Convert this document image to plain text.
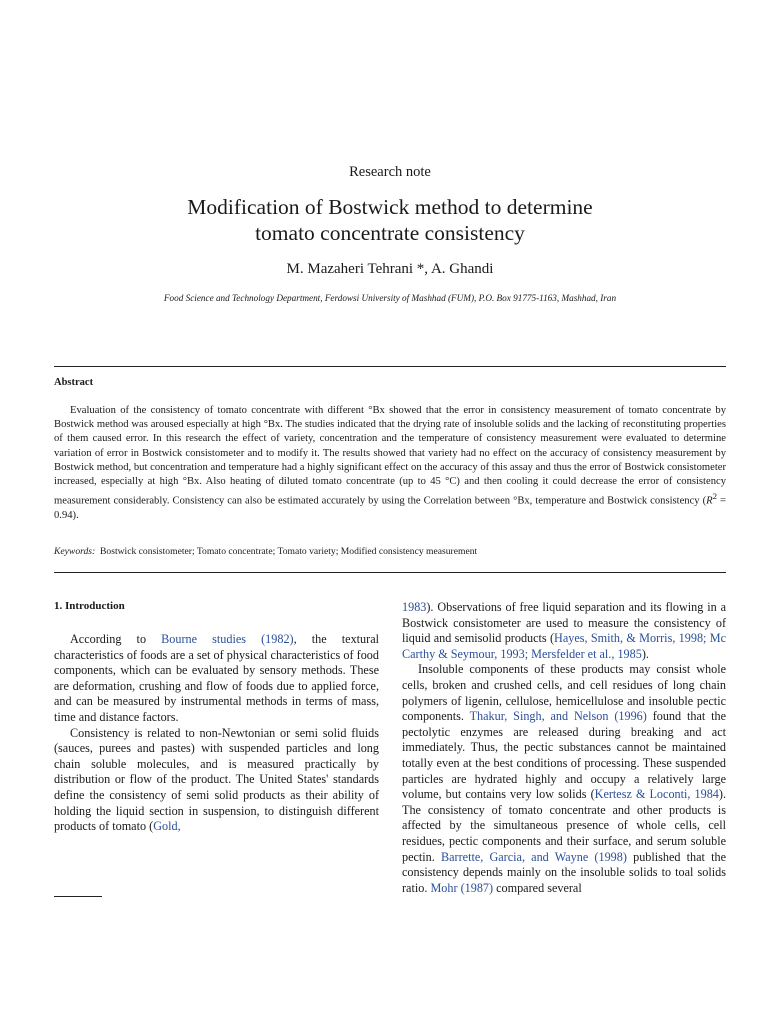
Research note
Modification of Bostwick method to determine
tomato concentrate consistency
M. Mazaheri Tehrani *, A. Ghandi
Food Science and Technology Department, Ferdowsi University of Mashhad (FUM), P.O. Box 91775-1163, Mashhad, Iran
Abstract

Evaluation of the consistency of tomato concentrate with different °Bx showed that the error in consistency measurement of tomato concentrate by Bostwick method was aroused especially at high °Bx. The studies indicated that the drying rate of insoluble solids and the lacking of reconstituting properties of them caused error. In this research the effect of variety, concentration and the temperature of consistency measurement were evaluated to determine variation of error in Bostwick consistometer and to modify it. The results showed that variety had no effect on the accuracy of consistency measurement by Bostwick method, but concentration and temperature had a highly significant effect on the accuracy of this assay and thus the error of Bostwick consistometer increased, especially at high °Bx. Also heating of diluted tomato concentrate (up to 45 °C) and then cooling it could decrease the error of consistency measurement considerably. Consistency can also be estimated accurately by using the Correlation between °Bx, temperature and Bostwick consistency $(R^2 = 0.94)$.

Keywords: Bostwick consistometer; Tomato concentrate; Tomato variety; Modified consistency measurement

1. Introduction

According to Bourne studies (1982), the textural characteristics of foods are a set of physical characteristics of food components, which can be evaluated by sensory methods. These are deformation, crushing and flow of foods due to applied force, and can be measured by instrumental methods in terms of mass, time and distance factors.

Consistency is related to non-Newtonian or semi solid fluids (sauces, purees and pastes) with suspended particles and long chain soluble molecules, and is measured practically by distribution or flow of the product. The United States' standards define the consistency of semi solid products as their ability of holding the liquid section in suspension, to distinguish different products of tomato (Gold,

1983). Observations of free liquid separation and its flowing in a Bostwick consistometer are used to measure the consistency of liquid and semisolid products (Hayes, Smith, & Morris, 1998; Mc Carthy & Seymour, 1993; Mersfelder et al., 1985).

Insoluble components of these products may consist whole cells, broken and crushed cells, and cell residues of long chain polymers of ligenin, cellulose, hemicellulose and insoluble pectic components. Thakur, Singh, and Nelson (1996) found that the pectolytic enzymes are released during breaking and act immediately. Thus, the pectic substances cannot be maintained totally even at the best conditions of processing. These suspended particles are hydrated highly and occupy a relatively large volume, but contains very low solids (Kertesz & Loconti, 1984). The consistency of tomato concentrate and other products is affected by the simultaneous presence of whole cells, cell residues, pectic components and their surface, and serum soluble pectin. Barrette, Garcia, and Wayne (1998) published that the consistency depends mainly on the insoluble solids to toal solids ratio. Mohr (1987) compared several
